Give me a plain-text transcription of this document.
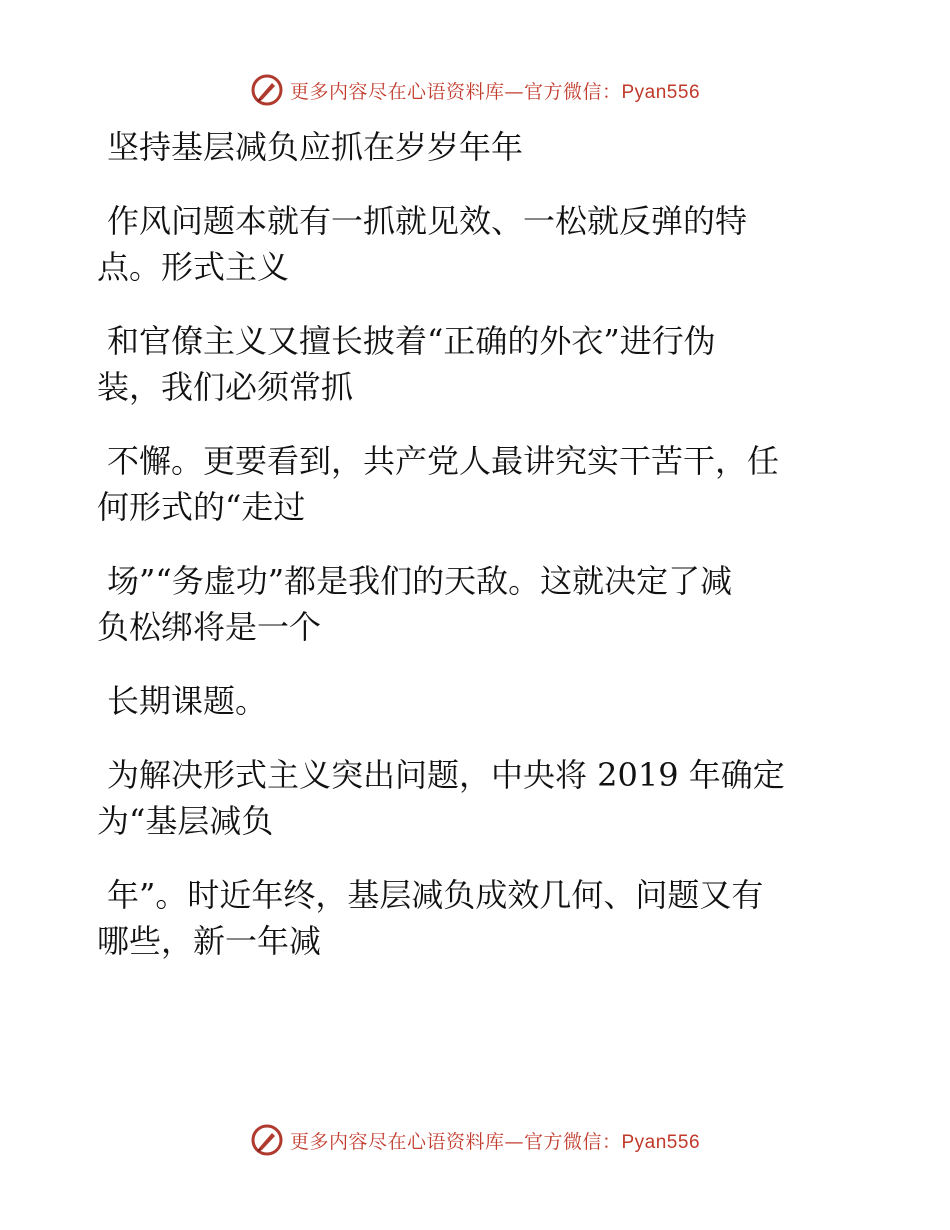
更多内容尽在心语资料库—官方微信：Pyan556
坚持基层减负应抓在岁岁年年
作风问题本就有一抓就见效、一松就反弹的特
点。形式主义
和官僚主义又擅长披着“正确的外衣”进行伪
装，我们必须常抓
不懈。更要看到，共产党人最讲究实干苦干，任
何形式的“走过
场”“务虚功”都是我们的天敌。这就决定了减
负松绑将是一个
长期课题。
为解决形式主义突出问题，中央将 2019 年确定
为“基层减负
年”。时近年终，基层减负成效几何、问题又有
哪些，新一年减
更多内容尽在心语资料库—官方微信：Pyan556
